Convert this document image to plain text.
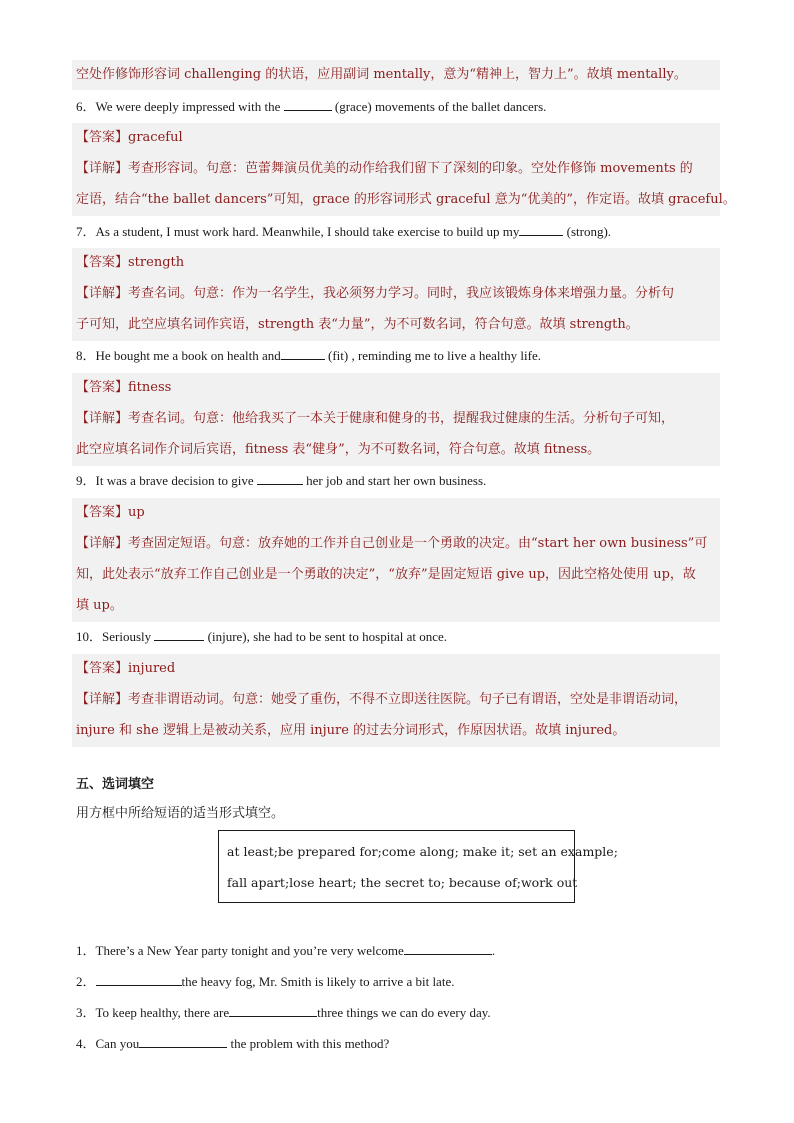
空处作修饰形容词 challenging 的状语，应用副词 mentally，意为“精神上，智力上”。故填 mentally。
6．We were deeply impressed with the	(grace) movements of the ballet dancers.
【答案】graceful
【详解】考查形容词。句意：芭蕾舞演员优美的动作给我们留下了深刻的印象。空处作修饰 movements 的
定语，结合“the ballet dancers”可知，grace 的形容词形式 graceful 意为“优美的”，作定语。故填 graceful。
7．As a student, I must work hard. Meanwhile, I should take exercise to build up my	(strong).
【答案】strength
【详解】考查名词。句意：作为一名学生，我必须努力学习。同时，我应该锻炼身体来增强力量。分析句
子可知，此空应填名词作宾语，strength 表“力量”，为不可数名词，符合句意。故填 strength。
8．He bought me a book on health and	(fit) , reminding me to live a healthy life.
【答案】fitness
【详解】考查名词。句意：他给我买了一本关于健康和健身的书，提醒我过健康的生活。分析句子可知，
此空应填名词作介词后宾语，fitness 表“健身”，为不可数名词，符合句意。故填 fitness。
9．It was a brave decision to give	her job and start her own business.
【答案】up
【详解】考查固定短语。句意：放弃她的工作并自己创业是一个勇敢的决定。由“start her own business”可
知，此处表示“放弃工作自己创业是一个勇敢的决定”，“放弃”是固定短语 give up，因此空格处使用 up，故
填 up。
10．Seriously	(injure), she had to be sent to hospital at once.
【答案】injured
【详解】考查非谓语动词。句意：她受了重伤，不得不立即送往医院。句子已有谓语，空处是非谓语动词，
injure 和 she 逻辑上是被动关系，应用 injure 的过去分词形式，作原因状语。故填 injured。
五、选词填空
用方框中所给短语的适当形式填空。
at least;be prepared for;come along; make it; set an example;
fall apart;lose heart; the secret to; because of;work out
1．There’s a New Year party tonight and you’re very welcome	.
2．	the heavy fog, Mr. Smith is likely to arrive a bit late.
3．To keep healthy, there are	three things we can do every day.
4．Can you	the problem with this method?
